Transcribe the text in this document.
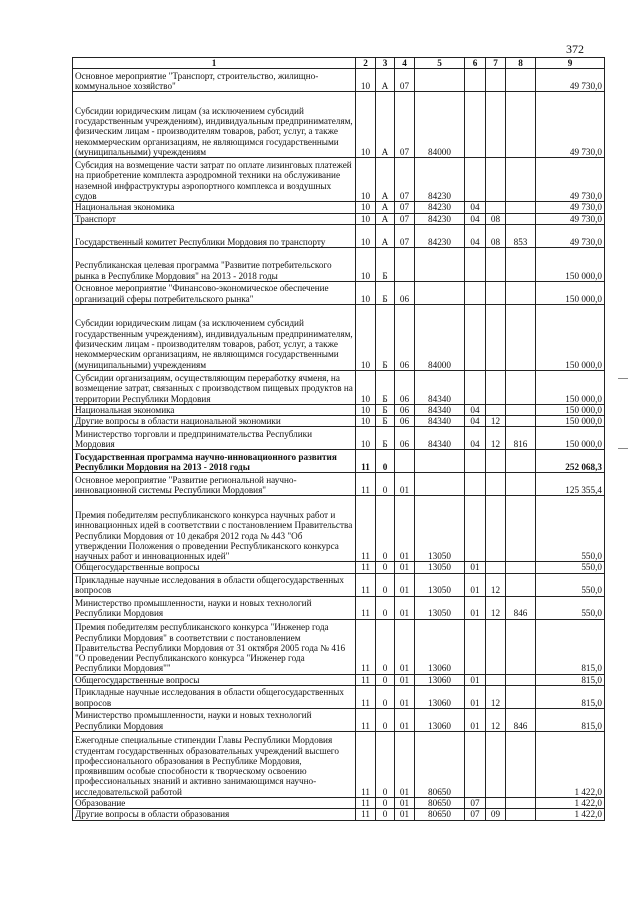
372
1	2	3	4	5	6	7	8	9
Основное мероприятие "Транспорт, строительство, жилищно-коммунальное хозяйство"	10	А	07					49 730,0
Субсидии юридическим лицам (за исключением субсидий государственным учреждениям), индивидуальным предпринимателям, физическим лицам - производителям товаров, работ, услуг, а также некоммерческим организациям, не являющимся государственными (муниципальными) учреждениям	10	А	07	84000				49 730,0
Субсидия на возмещение части затрат по оплате лизинговых платежей на приобретение комплекта аэродромной техники на обслуживание наземной инфраструктуры аэропортного комплекса и воздушных судов	10	А	07	84230				49 730,0
Национальная экономика	10	А	07	84230	04			49 730,0
Транспорт	10	А	07	84230	04	08		49 730,0
Государственный комитет Республики Мордовия по транспорту	10	А	07	84230	04	08	853	49 730,0
Республиканская целевая программа "Развитие потребительского рынка в Республике Мордовия" на 2013 - 2018 годы	10	Б						150 000,0
Основное мероприятие "Финансово-экономическое обеспечение организаций сферы потребительского рынка"	10	Б	06					150 000,0
Субсидии юридическим лицам (за исключением субсидий государственным учреждениям), индивидуальным предпринимателям, физическим лицам - производителям товаров, работ, услуг, а также некоммерческим организациям, не являющимся государственными (муниципальными) учреждениям	10	Б	06	84000				150 000,0
Субсидии организациям, осуществляющим переработку ячменя, на возмещение затрат, связанных с производством пищевых продуктов на территории Республики Мордовия	10	Б	06	84340				150 000,0
Национальная экономика	10	Б	06	84340	04			150 000,0
Другие вопросы в области национальной экономики	10	Б	06	84340	04	12		150 000,0
Министерство торговли и предпринимательства Республики Мордовия	10	Б	06	84340	04	12	816	150 000,0
Государственная программа научно-инновационного развития Республики Мордовия на 2013 - 2018 годы	11	0						252 068,3
Основное мероприятие "Развитие региональной научно-инновационной системы Республики Мордовия"	11	0	01					125 355,4
Премия победителям республиканского конкурса научных работ и инновационных идей в соответствии с постановлением Правительства Республики Мордовия от 10 декабря 2012 года № 443 "Об утверждении Положения о проведении Республиканского конкурса научных работ и инновационных идей"	11	0	01	13050				550,0
Общегосударственные вопросы	11	0	01	13050	01			550,0
Прикладные научные исследования в области общегосударственных вопросов	11	0	01	13050	01	12		550,0
Министерство промышленности, науки и новых технологий Республики Мордовия	11	0	01	13050	01	12	846	550,0
Премия победителям республиканского конкурса "Инженер года Республики Мордовия" в соответствии с постановлением Правительства Республики Мордовия от 31 октября 2005 года № 416 "О проведении Республиканского конкурса "Инженер года Республики Мордовия""	11	0	01	13060				815,0
Общегосударственные вопросы	11	0	01	13060	01			815,0
Прикладные научные исследования в области общегосударственных вопросов	11	0	01	13060	01	12		815,0
Министерство промышленности, науки и новых технологий Республики Мордовия	11	0	01	13060	01	12	846	815,0
Ежегодные специальные стипендии Главы Республики Мордовия студентам государственных образовательных учреждений высшего профессионального образования в Республике Мордовия, проявившим особые способности к творческому освоению профессиональных знаний и активно занимающимся научно-исследовательской работой	11	0	01	80650				1 422,0
Образование	11	0	01	80650	07			1 422,0
Другие вопросы в области образования	11	0	01	80650	07	09		1 422,0
